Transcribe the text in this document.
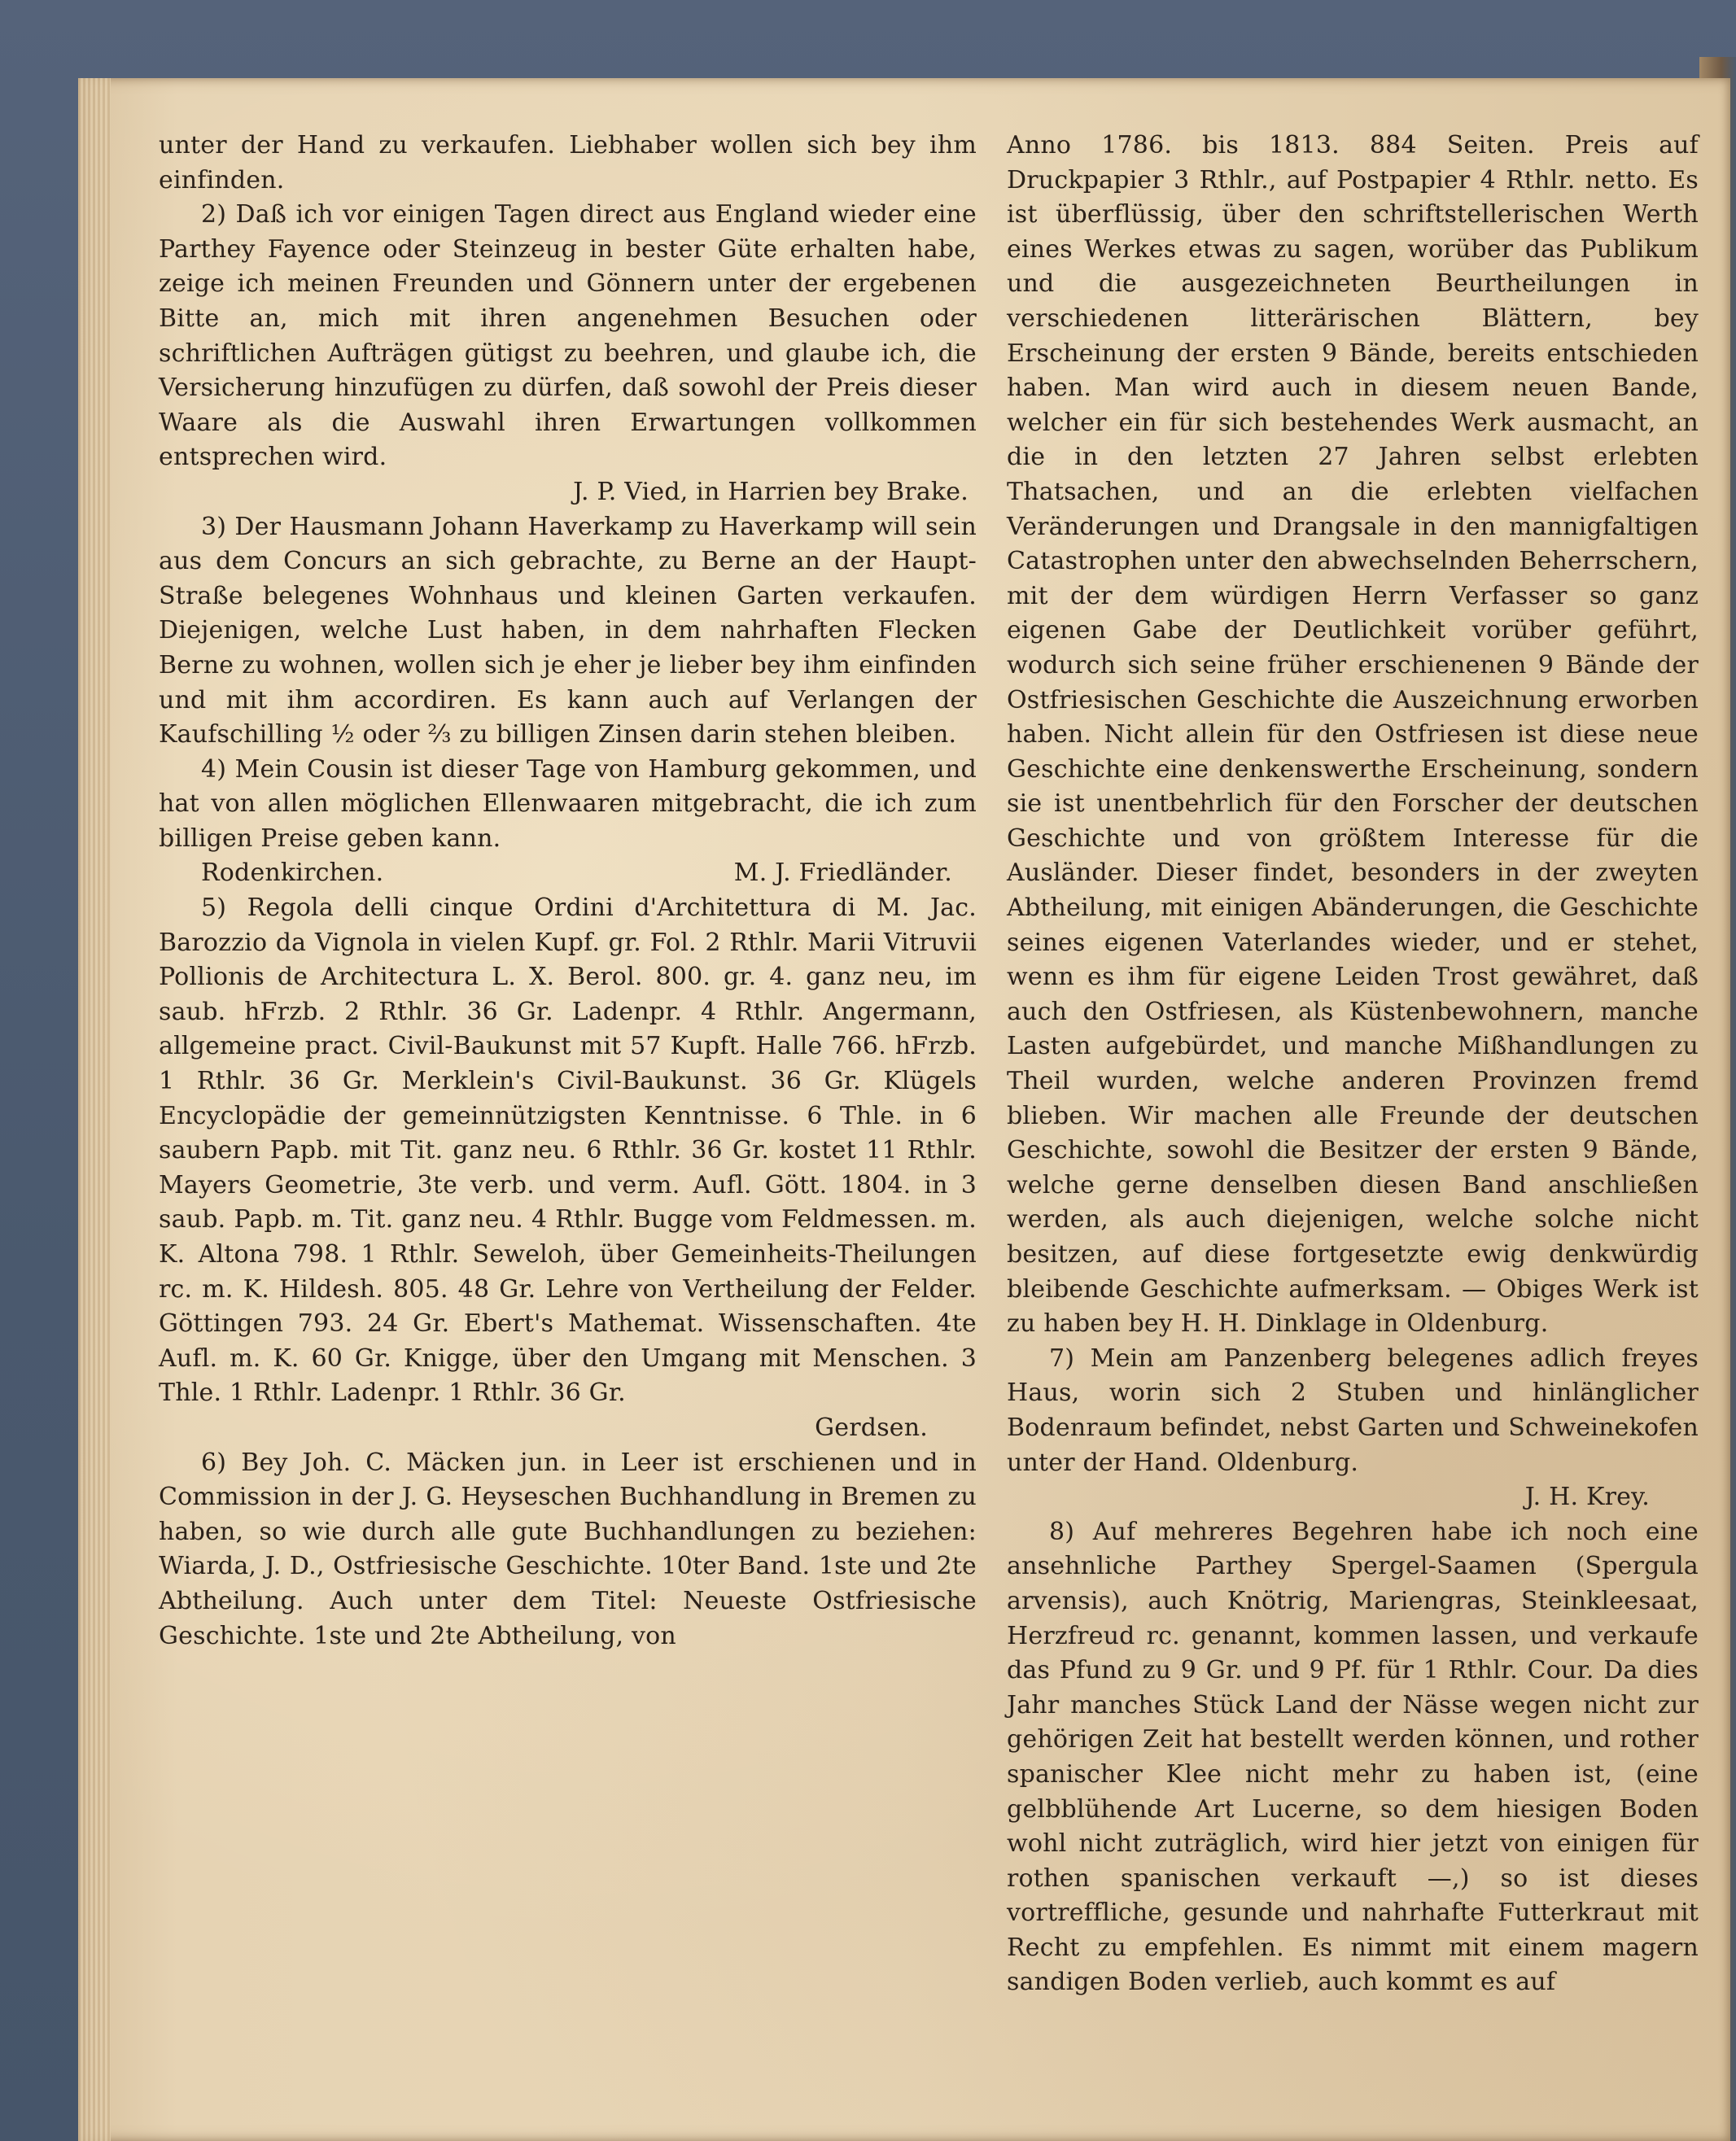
unter der Hand zu verkaufen. Liebhaber wollen sich bey ihm einfinden.

2) Daß ich vor einigen Tagen direct aus England wieder eine Parthey Fayence oder Steinzeug in bester Güte erhalten habe, zeige ich meinen Freunden und Gönnern unter der ergebenen Bitte an, mich mit ihren angenehmen Besuchen oder schriftlichen Aufträgen gütigst zu beehren, und glaube ich, die Versicherung hinzufügen zu dürfen, daß sowohl der Preis dieser Waare als die Auswahl ihren Erwartungen vollkommen entsprechen wird.

J. P. Vied, in Harrien bey Brake.

3) Der Hausmann Johann Haverkamp zu Haverkamp will sein aus dem Concurs an sich gebrachte, zu Berne an der Haupt-Straße belegenes Wohnhaus und kleinen Garten verkaufen. Diejenigen, welche Lust haben, in dem nahrhaften Flecken Berne zu wohnen, wollen sich je eher je lieber bey ihm einfinden und mit ihm accordiren. Es kann auch auf Verlangen der Kaufschilling ½ oder ⅔ zu billigen Zinsen darin stehen bleiben.

4) Mein Cousin ist dieser Tage von Hamburg gekommen, und hat von allen möglichen Ellenwaaren mitgebracht, die ich zum billigen Preise geben kann.

Rodenkirchen.	M. J. Friedländer.

5) Regola delli cinque Ordini d'Architettura di M. Jac. Barozzio da Vignola in vielen Kupf. gr. Fol. 2 Rthlr. Marii Vitruvii Pollionis de Architectura L. X. Berol. 800. gr. 4. ganz neu, im saub. hFrzb. 2 Rthlr. 36 Gr. Ladenpr. 4 Rthlr. Angermann, allgemeine pract. Civil-Baukunst mit 57 Kupft. Halle 766. hFrzb. 1 Rthlr. 36 Gr. Merklein's Civil-Baukunst. 36 Gr. Klügels Encyclopädie der gemeinnützigsten Kenntnisse. 6 Thle. in 6 saubern Papb. mit Tit. ganz neu. 6 Rthlr. 36 Gr. kostet 11 Rthlr. Mayers Geometrie, 3te verb. und verm. Aufl. Gött. 1804. in 3 saub. Papb. m. Tit. ganz neu. 4 Rthlr. Bugge vom Feldmessen. m. K. Altona 798. 1 Rthlr. Seweloh, über Gemeinheits-Theilungen rc. m. K. Hildesh. 805. 48 Gr. Lehre von Vertheilung der Felder. Göttingen 793. 24 Gr. Ebert's Mathemat. Wissenschaften. 4te Aufl. m. K. 60 Gr. Knigge, über den Umgang mit Menschen. 3 Thle. 1 Rthlr. Ladenpr. 1 Rthlr. 36 Gr.

Gerdsen.

6) Bey Joh. C. Mäcken jun. in Leer ist erschienen und in Commission in der J. G. Heyseschen Buchhandlung in Bremen zu haben, so wie durch alle gute Buchhandlungen zu beziehen: Wiarda, J. D., Ostfriesische Geschichte. 10ter Band. 1ste und 2te Abtheilung. Auch unter dem Titel: Neueste Ostfriesische Geschichte. 1ste und 2te Abtheilung, von

Anno 1786. bis 1813. 884 Seiten. Preis auf Druckpapier 3 Rthlr., auf Postpapier 4 Rthlr. netto. Es ist überflüssig, über den schriftstellerischen Werth eines Werkes etwas zu sagen, worüber das Publikum und die ausgezeichneten Beurtheilungen in verschiedenen litterärischen Blättern, bey Erscheinung der ersten 9 Bände, bereits entschieden haben. Man wird auch in diesem neuen Bande, welcher ein für sich bestehendes Werk ausmacht, an die in den letzten 27 Jahren selbst erlebten Thatsachen, und an die erlebten vielfachen Veränderungen und Drangsale in den mannigfaltigen Catastrophen unter den abwechselnden Beherrschern, mit der dem würdigen Herrn Verfasser so ganz eigenen Gabe der Deutlichkeit vorüber geführt, wodurch sich seine früher erschienenen 9 Bände der Ostfriesischen Geschichte die Auszeichnung erworben haben. Nicht allein für den Ostfriesen ist diese neue Geschichte eine denkenswerthe Erscheinung, sondern sie ist unentbehrlich für den Forscher der deutschen Geschichte und von größtem Interesse für die Ausländer. Dieser findet, besonders in der zweyten Abtheilung, mit einigen Abänderungen, die Geschichte seines eigenen Vaterlandes wieder, und er stehet, wenn es ihm für eigene Leiden Trost gewähret, daß auch den Ostfriesen, als Küstenbewohnern, manche Lasten aufgebürdet, und manche Mißhandlungen zu Theil wurden, welche anderen Provinzen fremd blieben. Wir machen alle Freunde der deutschen Geschichte, sowohl die Besitzer der ersten 9 Bände, welche gerne denselben diesen Band anschließen werden, als auch diejenigen, welche solche nicht besitzen, auf diese fortgesetzte ewig denkwürdig bleibende Geschichte aufmerksam. — Obiges Werk ist zu haben bey H. H. Dinklage in Oldenburg.

7) Mein am Panzenberg belegenes adlich freyes Haus, worin sich 2 Stuben und hinlänglicher Bodenraum befindet, nebst Garten und Schweinekofen unter der Hand. Oldenburg.

J. H. Krey.

8) Auf mehreres Begehren habe ich noch eine ansehnliche Parthey Spergel-Saamen (Spergula arvensis), auch Knötrig, Mariengras, Steinkleesaat, Herzfreud rc. genannt, kommen lassen, und verkaufe das Pfund zu 9 Gr. und 9 Pf. für 1 Rthlr. Cour. Da dies Jahr manches Stück Land der Nässe wegen nicht zur gehörigen Zeit hat bestellt werden können, und rother spanischer Klee nicht mehr zu haben ist, (eine gelbblühende Art Lucerne, so dem hiesigen Boden wohl nicht zuträglich, wird hier jetzt von einigen für rothen spanischen verkauft —,) so ist dieses vortreffliche, gesunde und nahrhafte Futterkraut mit Recht zu empfehlen. Es nimmt mit einem magern sandigen Boden verlieb, auch kommt es auf
